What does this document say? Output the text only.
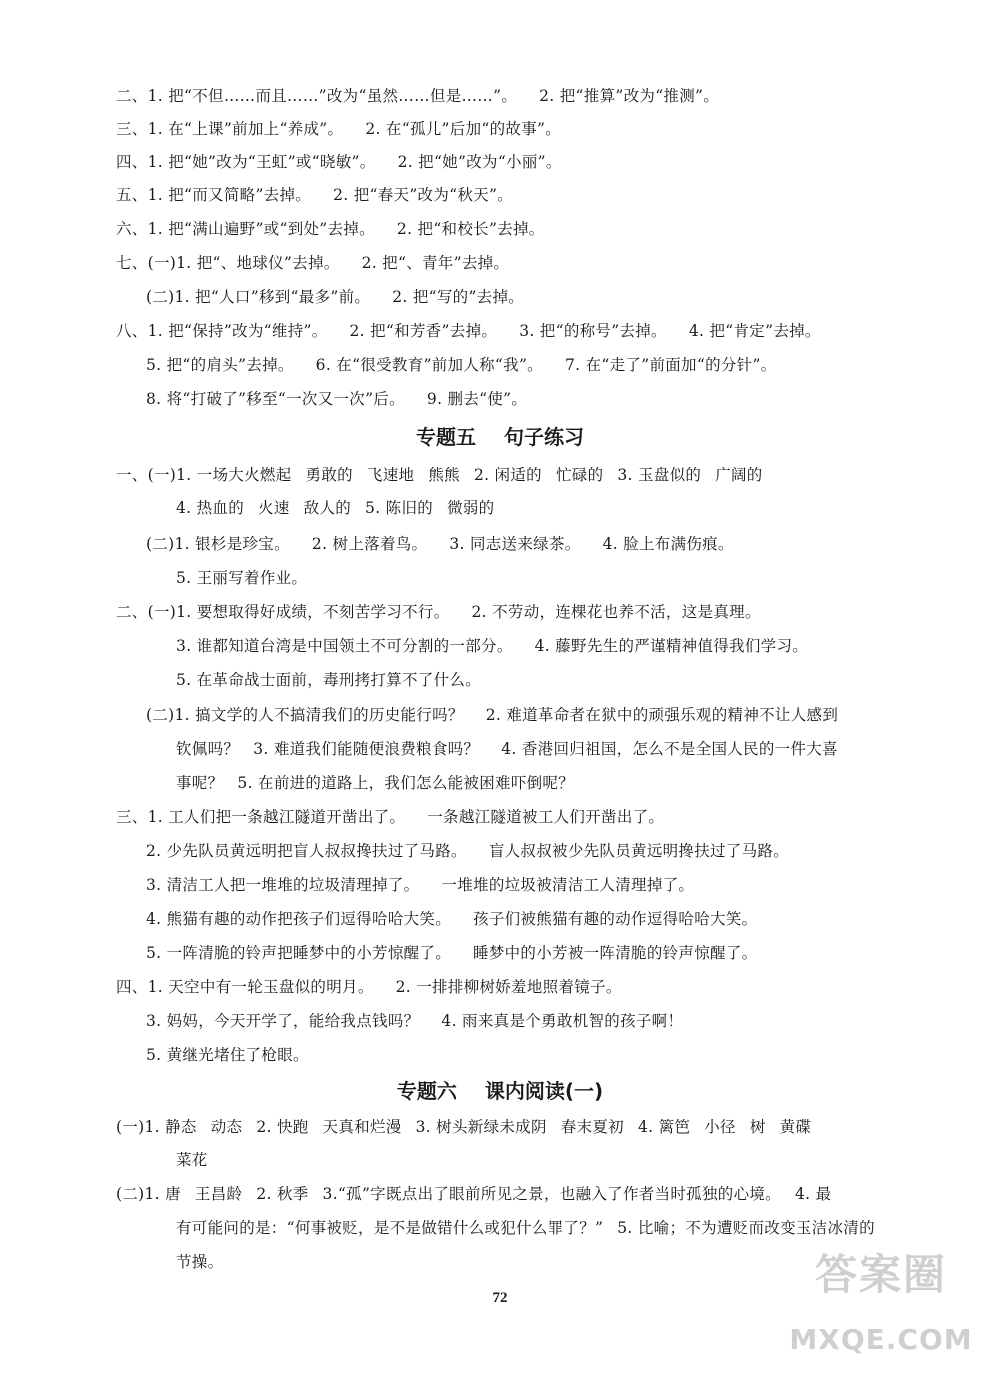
二、1. 把“不但……而且……”改为“虽然……但是……”。 2. 把“推算”改为“推测”。
三、1. 在“上课”前加上“养成”。 2. 在“孤儿”后加“的故事”。
四、1. 把“她”改为“王虹”或“晓敏”。 2. 把“她”改为“小丽”。
五、1. 把“而又简略”去掉。 2. 把“春天”改为“秋天”。
六、1. 把“满山遍野”或“到处”去掉。 2. 把“和校长”去掉。
七、(一)1. 把“、地球仪”去掉。 2. 把“、青年”去掉。
(二)1. 把“人口”移到“最多”前。 2. 把“写的”去掉。
八、1. 把“保持”改为“维持”。 2. 把“和芳香”去掉。 3. 把“的称号”去掉。 4. 把“肯定”去掉。
5. 把“的肩头”去掉。 6. 在“很受教育”前加人称“我”。 7. 在“走了”前面加“的分针”。
8. 将“打破了”移至“一次又一次”后。 9. 删去“使”。
专题五 句子练习
一、(一)1. 一场大火燃起 勇敢的 飞速地 熊熊 2. 闲适的 忙碌的 3. 玉盘似的 广阔的
4. 热血的 火速 敌人的 5. 陈旧的 微弱的
(二)1. 银杉是珍宝。 2. 树上落着鸟。 3. 同志送来绿茶。 4. 脸上布满伤痕。
5. 王丽写着作业。
二、(一)1. 要想取得好成绩，不刻苦学习不行。 2. 不劳动，连棵花也养不活，这是真理。
3. 谁都知道台湾是中国领土不可分割的一部分。 4. 藤野先生的严谨精神值得我们学习。
5. 在革命战士面前，毒刑拷打算不了什么。
(二)1. 搞文学的人不搞清我们的历史能行吗？ 2. 难道革命者在狱中的顽强乐观的精神不让人感到
钦佩吗？ 3. 难道我们能随便浪费粮食吗？ 4. 香港回归祖国，怎么不是全国人民的一件大喜
事呢？ 5. 在前进的道路上，我们怎么能被困难吓倒呢？
三、1. 工人们把一条越江隧道开凿出了。 一条越江隧道被工人们开凿出了。
2. 少先队员黄远明把盲人叔叔搀扶过了马路。 盲人叔叔被少先队员黄远明搀扶过了马路。
3. 清洁工人把一堆堆的垃圾清理掉了。 一堆堆的垃圾被清洁工人清理掉了。
4. 熊猫有趣的动作把孩子们逗得哈哈大笑。 孩子们被熊猫有趣的动作逗得哈哈大笑。
5. 一阵清脆的铃声把睡梦中的小芳惊醒了。 睡梦中的小芳被一阵清脆的铃声惊醒了。
四、1. 天空中有一轮玉盘似的明月。 2. 一排排柳树娇羞地照着镜子。
3. 妈妈，今天开学了，能给我点钱吗？ 4. 雨来真是个勇敢机智的孩子啊！
5. 黄继光堵住了枪眼。
专题六 课内阅读(一)
(一)1. 静态 动态 2. 快跑 天真和烂漫 3. 树头新绿未成阴 春末夏初 4. 篱笆 小径 树 黄碟
菜花
(二)1. 唐 王昌龄 2. 秋季 3.“孤”字既点出了眼前所见之景，也融入了作者当时孤独的心境。 4. 最
有可能问的是：“何事被贬，是不是做错什么或犯什么罪了？” 5. 比喻；不为遭贬而改变玉洁冰清的
节操。
72	答案圈
MXQE.COM
